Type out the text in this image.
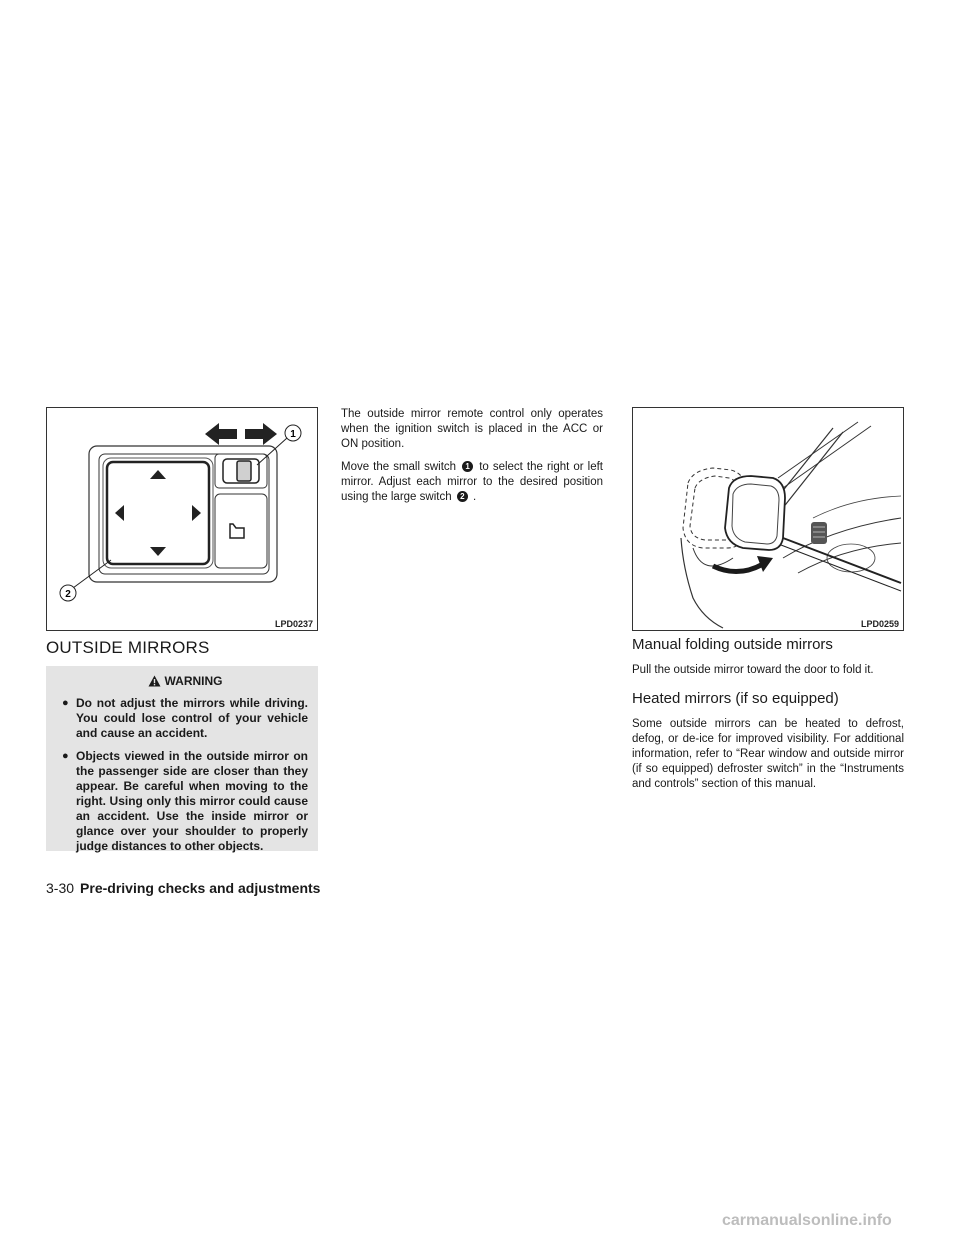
1
2
LPD0237
OUTSIDE MIRRORS
WARNING
● Do not adjust the mirrors while driving. You could lose control of your vehicle and cause an accident.
● Objects viewed in the outside mirror on the passenger side are closer than they appear. Be careful when moving to the right. Using only this mirror could cause an accident. Use the inside mirror or glance over your shoulder to properly judge distances to other objects.

The outside mirror remote control only operates when the ignition switch is placed in the ACC or ON position.

Move the small switch 1 to select the right or left mirror. Adjust each mirror to the desired position using the large switch 2 .

LPD0259
Manual folding outside mirrors

Pull the outside mirror toward the door to fold it.

Heated mirrors (if so equipped)

Some outside mirrors can be heated to defrost, defog, or de-ice for improved visibility. For additional information, refer to “Rear window and outside mirror (if so equipped) defroster switch” in the “Instruments and controls” section of this manual.

3-30 Pre-driving checks and adjustments
carmanualsonline.info
